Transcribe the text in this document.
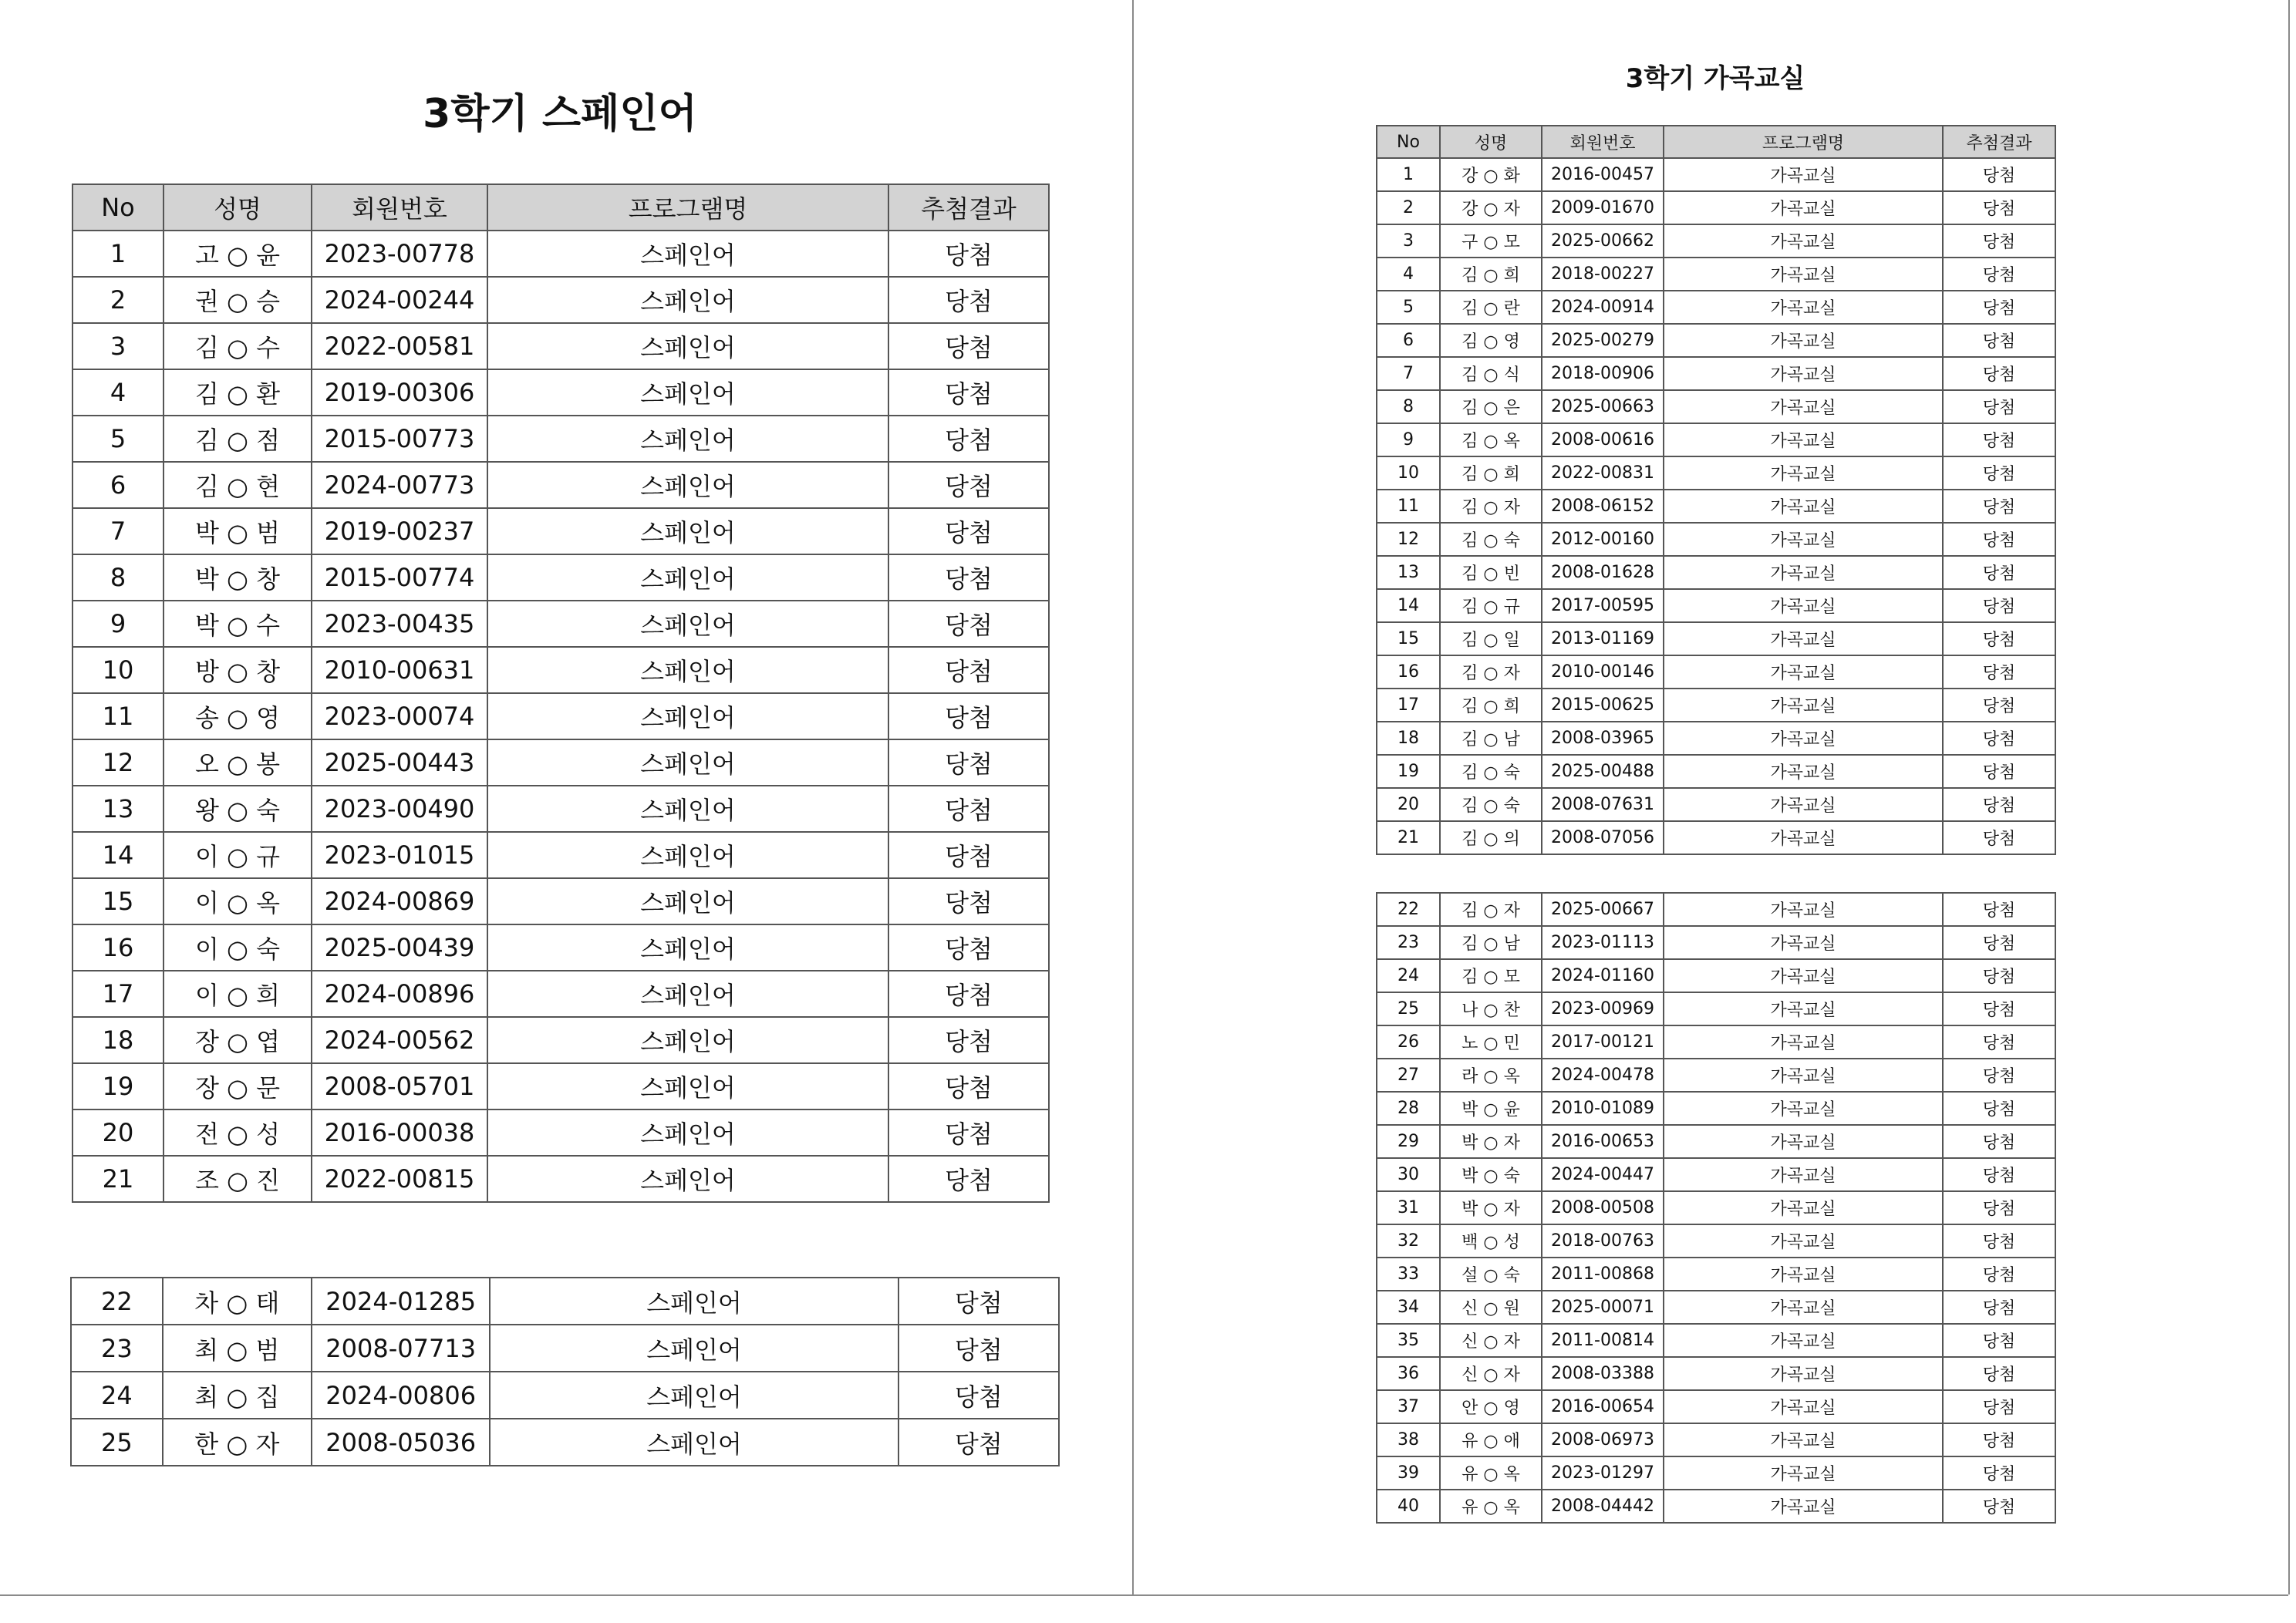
3학기 스페인어
No	성명	회원번호	프로그램명	추첨결과
1	고 ○ 윤	2023-00778	스페인어	당첨
2	권 ○ 승	2024-00244	스페인어	당첨
3	김 ○ 수	2022-00581	스페인어	당첨
4	김 ○ 환	2019-00306	스페인어	당첨
5	김 ○ 점	2015-00773	스페인어	당첨
6	김 ○ 현	2024-00773	스페인어	당첨
7	박 ○ 범	2019-00237	스페인어	당첨
8	박 ○ 창	2015-00774	스페인어	당첨
9	박 ○ 수	2023-00435	스페인어	당첨
10	방 ○ 창	2010-00631	스페인어	당첨
11	송 ○ 영	2023-00074	스페인어	당첨
12	오 ○ 봉	2025-00443	스페인어	당첨
13	왕 ○ 숙	2023-00490	스페인어	당첨
14	이 ○ 규	2023-01015	스페인어	당첨
15	이 ○ 옥	2024-00869	스페인어	당첨
16	이 ○ 숙	2025-00439	스페인어	당첨
17	이 ○ 희	2024-00896	스페인어	당첨
18	장 ○ 엽	2024-00562	스페인어	당첨
19	장 ○ 문	2008-05701	스페인어	당첨
20	전 ○ 성	2016-00038	스페인어	당첨
21	조 ○ 진	2022-00815	스페인어	당첨
22	차 ○ 태	2024-01285	스페인어	당첨
23	최 ○ 범	2008-07713	스페인어	당첨
24	최 ○ 집	2024-00806	스페인어	당첨
25	한 ○ 자	2008-05036	스페인어	당첨
3학기 가곡교실
No	성명	회원번호	프로그램명	추첨결과
1	강 ○ 화	2016-00457	가곡교실	당첨
2	강 ○ 자	2009-01670	가곡교실	당첨
3	구 ○ 모	2025-00662	가곡교실	당첨
4	김 ○ 희	2018-00227	가곡교실	당첨
5	김 ○ 란	2024-00914	가곡교실	당첨
6	김 ○ 영	2025-00279	가곡교실	당첨
7	김 ○ 식	2018-00906	가곡교실	당첨
8	김 ○ 은	2025-00663	가곡교실	당첨
9	김 ○ 옥	2008-00616	가곡교실	당첨
10	김 ○ 희	2022-00831	가곡교실	당첨
11	김 ○ 자	2008-06152	가곡교실	당첨
12	김 ○ 숙	2012-00160	가곡교실	당첨
13	김 ○ 빈	2008-01628	가곡교실	당첨
14	김 ○ 규	2017-00595	가곡교실	당첨
15	김 ○ 일	2013-01169	가곡교실	당첨
16	김 ○ 자	2010-00146	가곡교실	당첨
17	김 ○ 희	2015-00625	가곡교실	당첨
18	김 ○ 남	2008-03965	가곡교실	당첨
19	김 ○ 숙	2025-00488	가곡교실	당첨
20	김 ○ 숙	2008-07631	가곡교실	당첨
21	김 ○ 의	2008-07056	가곡교실	당첨
22	김 ○ 자	2025-00667	가곡교실	당첨
23	김 ○ 남	2023-01113	가곡교실	당첨
24	김 ○ 모	2024-01160	가곡교실	당첨
25	나 ○ 찬	2023-00969	가곡교실	당첨
26	노 ○ 민	2017-00121	가곡교실	당첨
27	라 ○ 옥	2024-00478	가곡교실	당첨
28	박 ○ 윤	2010-01089	가곡교실	당첨
29	박 ○ 자	2016-00653	가곡교실	당첨
30	박 ○ 숙	2024-00447	가곡교실	당첨
31	박 ○ 자	2008-00508	가곡교실	당첨
32	백 ○ 성	2018-00763	가곡교실	당첨
33	설 ○ 숙	2011-00868	가곡교실	당첨
34	신 ○ 원	2025-00071	가곡교실	당첨
35	신 ○ 자	2011-00814	가곡교실	당첨
36	신 ○ 자	2008-03388	가곡교실	당첨
37	안 ○ 영	2016-00654	가곡교실	당첨
38	유 ○ 애	2008-06973	가곡교실	당첨
39	유 ○ 옥	2023-01297	가곡교실	당첨
40	유 ○ 옥	2008-04442	가곡교실	당첨
